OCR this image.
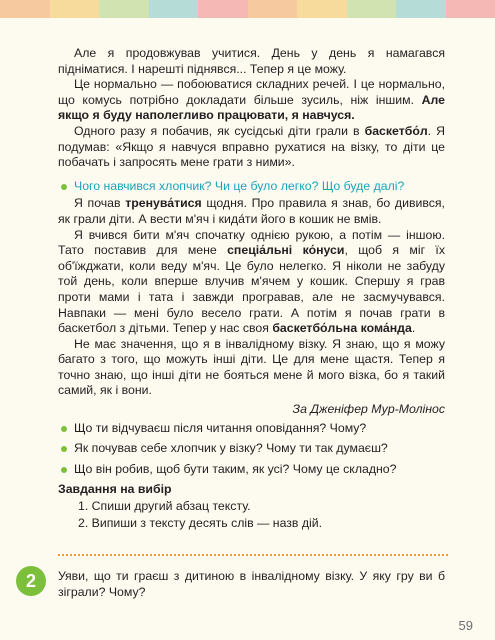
Але я продовжував учитися. День у день я намагався підніматися. І нарешті піднявся... Тепер я це можу.

Це нормально — побоюватися складних речей. І це нормально, що комусь потрібно докладати більше зусиль, ніж іншим. Але якщо я буду наполегливо працювати, я навчуся.

Одного разу я побачив, як сусідські діти грали в баскетбо́л. Я подумав: «Якщо я навчуся вправно рухатися на візку, то діти це побачать і запросять мене грати з ними».

Чого навчився хлопчик? Чи це було легко? Що буде далі?

Я почав тренува́тися щодня. Про правила я знав, бо дивився, як грали діти. А вести м'яч і кида́ти його в кошик не вмів.

Я вчився бити м'яч спочатку однією рукою, а потім — іншою. Тато поставив для мене спеціа́льні ко́нуси, щоб я міг їх об'їжджати, коли веду м'яч. Це було нелегко. Я ніколи не забуду той день, коли вперше влучив м'ячем у кошик. Спершу я грав проти мами і тата і завжди програвав, але не засмучувався. Навпаки — мені було весело грати. А потім я почав грати в баскетбол з дітьми. Тепер у нас своя баскетбо́льна кома́нда.

Не має значення, що я в інвалідному візку. Я знаю, що я можу багато з того, що можуть інші діти. Це для мене щастя. Тепер я точно знаю, що інші діти не бояться мене й мого візка, бо я такий самий, як і вони.

За Дженіфер Мур-Молінос
Що ти відчуваєш після читання оповідання? Чому?
Як почував себе хлопчик у візку? Чому ти так думаєш?
Що він робив, щоб бути таким, як усі? Чому це складно?
Завдання на вибір
1. Спиши другий абзац тексту.
2. Випиши з тексту десять слів — назв дій.
2	Уяви, що ти граєш з дитиною в інвалідному візку. У яку гру ви б зіграли? Чому?
59
